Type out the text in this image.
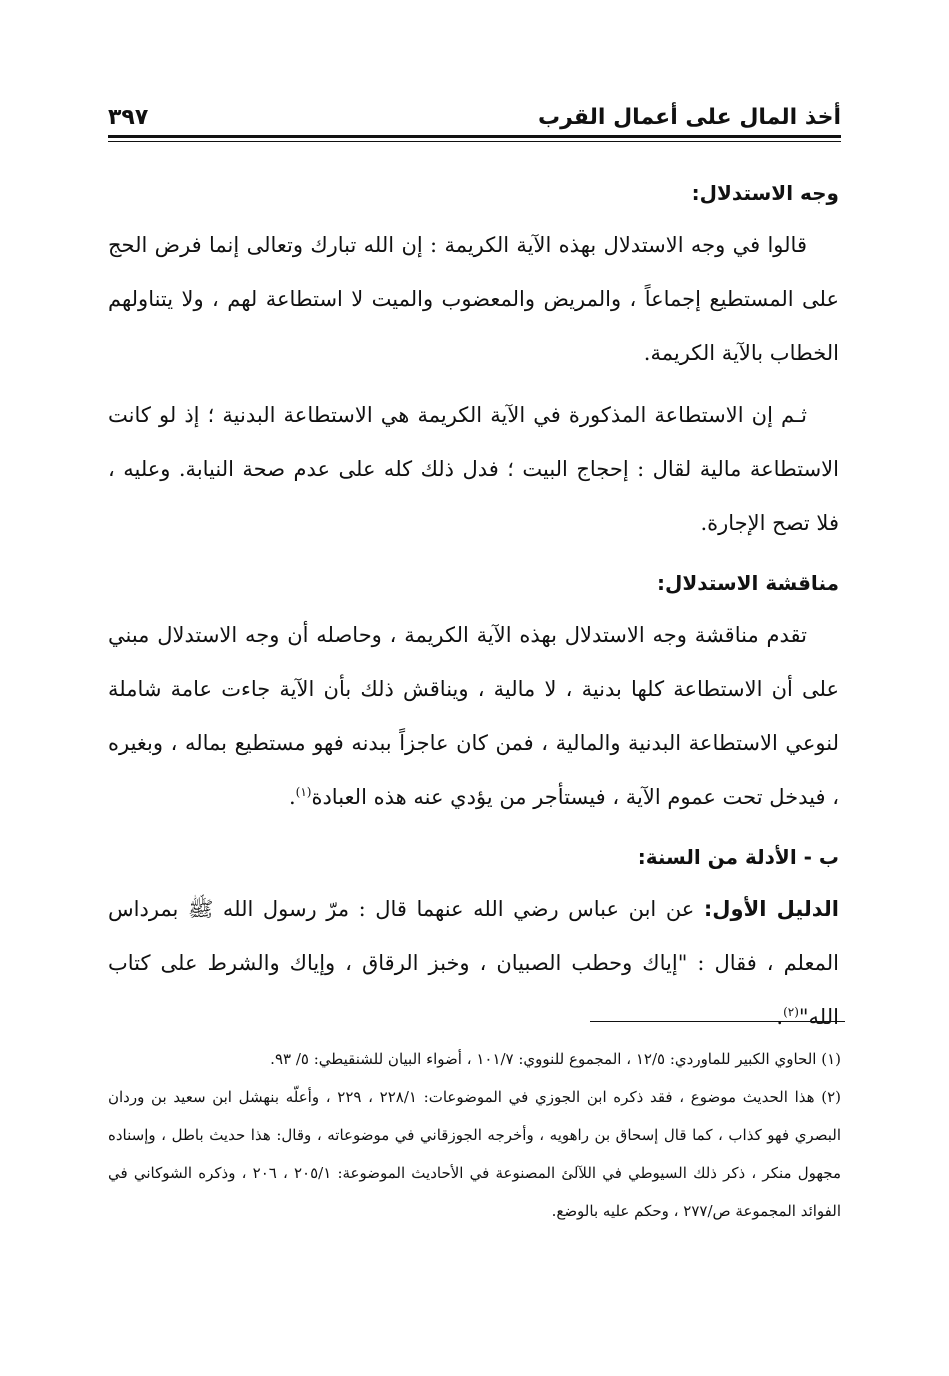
أخذ المال على أعمال القرب
٣٩٧
وجه الاستدلال:

قالوا في وجه الاستدلال بهذه الآية الكريمة : إن الله تبارك وتعالى إنما فرض الحج على المستطيع إجماعاً ، والمريض والمعضوب والميت لا استطاعة لهم ، ولا يتناولهم الخطاب بالآية الكريمة.

ثـم إن الاستطاعة المذكورة في الآية الكريمة هي الاستطاعة البدنية ؛ إذ لو كانت الاستطاعة مالية لقال : إحجاج البيت ؛ فدل ذلك كله على عدم صحة النيابة. وعليه ، فلا تصح الإجارة.

مناقشة الاستدلال:

تقدم مناقشة وجه الاستدلال بهذه الآية الكريمة ، وحاصله أن وجه الاستدلال مبني على أن الاستطاعة كلها بدنية ، لا مالية ، ويناقش ذلك بأن الآية جاءت عامة شاملة لنوعي الاستطاعة البدنية والمالية ، فمن كان عاجزاً ببدنه فهو مستطيع بماله ، وبغيره ، فيدخل تحت عموم الآية ، فيستأجر من يؤدي عنه هذه العبادة$^{(١)}$.

ب - الأدلة من السنة:

الدليل الأول: عن ابن عباس رضي الله عنهما قال : مرّ رسول الله ﷺ بمرداس المعلم ، فقال : "إياك وحطب الصبيان ، وخبز الرقاق ، وإياك والشرط على كتاب الله"$^{(٢)}$.

(١) الحاوي الكبير للماوردي: ١٢/٥ ، المجموع للنووي: ١٠١/٧ ، أضواء البيان للشنقيطي: ٥/ ٩٣.

(٢) هذا الحديث موضوع ، فقد ذكره ابن الجوزي في الموضوعات: ٢٢٨/١ ، ٢٢٩ ، وأعلّه بنهشل ابن سعيد بن وردان البصري فهو كذاب ، كما قال إسحاق بن راهويه ، وأخرجه الجوزقاني في موضوعاته ، وقال: هذا حديث باطل ، وإسناده مجهول منكر ، ذكر ذلك السيوطي في اللآلئ المصنوعة في الأحاديث الموضوعة: ٢٠٥/١ ، ٢٠٦ ، وذكره الشوكاني في الفوائد المجموعة ص/٢٧٧ ، وحكم عليه بالوضع.
